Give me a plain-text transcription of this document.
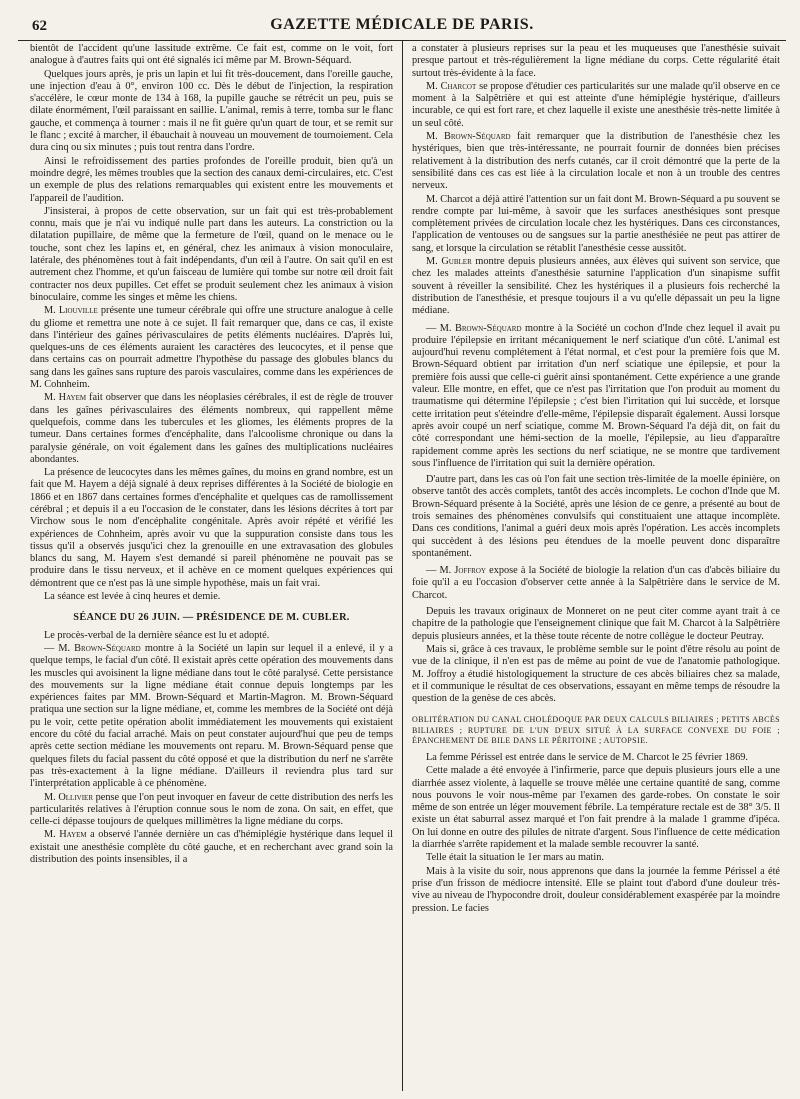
62	GAZETTE MÉDICALE DE PARIS.

bientôt de l'accident qu'une lassitude extrême. Ce fait est, comme on le voit, fort analogue à d'autres faits qui ont été signalés ici même par M. Brown-Séquard.

Quelques jours après, je pris un lapin et lui fit très-doucement, dans l'oreille gauche, une injection d'eau à 0°, environ 100 cc. Dès le début de l'injection, la respiration s'accélère, le cœur monte de 134 à 168, la pupille gauche se rétrécit un peu, puis se dilate énormément, l'œil paraissant en saillie. L'animal, remis à terre, tomba sur le flanc gauche, et commença à tourner : mais il ne fit guère qu'un quart de tour, et se remit sur le flanc ; excité à marcher, il ébauchait à nouveau un mouvement de tournoiement. Cela dura cinq ou six minutes ; puis tout rentra dans l'ordre.

Ainsi le refroidissement des parties profondes de l'oreille produit, bien qu'à un moindre degré, les mêmes troubles que la section des canaux demi-circulaires, etc. C'est un exemple de plus des relations remarquables qui existent entre les mouvements et l'appareil de l'audition.

J'insisterai, à propos de cette observation, sur un fait qui est très-probablement connu, mais que je n'ai vu indiqué nulle part dans les auteurs. La constriction ou la dilatation pupillaire, de même que la fermeture de l'œil, quand on le menace ou le touche, sont chez les lapins et, en général, chez les animaux à vision monoculaire, latérale, des phénomènes tout à fait indépendants, d'un œil à l'autre. On sait qu'il en est autrement chez l'homme, et qu'un faisceau de lumière qui tombe sur notre œil droit fait contracter nos deux pupilles. Cet effet se produit seulement chez les animaux à vision binoculaire, comme les singes et même les chiens.

M. Liouville présente une tumeur cérébrale qui offre une structure analogue à celle du gliome et remettra une note à ce sujet. Il fait remarquer que, dans ce cas, il existe dans l'intérieur des gaînes périvasculaires de petits éléments nucléaires. D'après lui, quelques-uns de ces éléments auraient les caractères des leucocytes, et il pense que dans certains cas on pourrait admettre l'hypothèse du passage des globules blancs du sang dans les gaînes sans rupture des parois vasculaires, comme dans les expériences de M. Cohnheim.

M. Hayem fait observer que dans les néoplasies cérébrales, il est de règle de trouver dans les gaînes périvasculaires des éléments nombreux, qui rappellent même quelquefois, comme dans les tubercules et les gliomes, les éléments propres de la tumeur. Dans certaines formes d'encéphalite, dans l'alcoolisme chronique ou dans la paralysie générale, on voit également dans les gaînes des multiplications nucléaires abondantes.

La présence de leucocytes dans les mêmes gaînes, du moins en grand nombre, est un fait que M. Hayem a déjà signalé à deux reprises différentes à la Société de biologie en 1866 et en 1867 dans certaines formes d'encéphalite et quelques cas de ramollissement cérébral ; et depuis il a eu l'occasion de le constater, dans les lésions décrites à tort par Virchow sous le nom d'encéphalite congénitale. Après avoir répété et vérifié les expériences de Cohnheim, après avoir vu que la suppuration consiste dans tous les tissus qu'il a observés jusqu'ici chez la grenouille en une extravasation des globules blancs du sang, M. Hayem s'est demandé si pareil phénomène ne pouvait pas se produire dans le tissu nerveux, et il achève en ce moment quelques expériences qui démontrent que ce n'est pas là une simple hypothèse, mais un fait vrai.

La séance est levée à cinq heures et demie.

SÉANCE DU 26 JUIN. — PRÉSIDENCE DE M. CUBLER.

Le procès-verbal de la dernière séance est lu et adopté.

— M. Brown-Séquard montre à la Société un lapin sur lequel il a enlevé, il y a quelque temps, le facial d'un côté. Il existait après cette opération des mouvements dans les muscles qui avoisinent la ligne médiane dans tout le côté paralysé. Cette persistance des mouvements sur la ligne médiane était connue depuis longtemps par les expériences faites par MM. Brown-Séquard et Martin-Magron. M. Brown-Séquard pratiqua une section sur la ligne médiane, et, comme les membres de la Société ont déjà pu le voir, cette petite opération abolit immédiatement les mouvements qui existaient encore du côté du facial arraché. Mais on peut constater aujourd'hui que peu de temps après cette section médiane les mouvements ont reparu. M. Brown-Séquard pense que quelques filets du facial passent du côté opposé et que la distribution du nerf ne s'arrête pas très-exactement à la ligne médiane. D'ailleurs il reviendra plus tard sur l'interprétation applicable à ce phénomène.

M. Ollivier pense que l'on peut invoquer en faveur de cette distribution des nerfs les particularités relatives à l'éruption connue sous le nom de zona. On sait, en effet, que celle-ci dépasse toujours de quelques millimètres la ligne médiane du corps.

M. Hayem a observé l'année dernière un cas d'hémiplégie hystérique dans lequel il existait une anesthésie complète du côté gauche, et en recherchant avec grand soin la distribution des points insensibles, il a

a constater à plusieurs reprises sur la peau et les muqueuses que l'anesthésie suivait presque partout et très-régulièrement la ligne médiane du corps. Cette régularité était surtout très-évidente à la face.

M. Charcot se propose d'étudier ces particularités sur une malade qu'il observe en ce moment à la Salpêtrière et qui est atteinte d'une hémiplégie hystérique, d'ailleurs incurable, ce qui est fort rare, et chez laquelle il existe une anesthésie très-nette limitée à un seul côté.

M. Brown-Séquard fait remarquer que la distribution de l'anesthésie chez les hystériques, bien que très-intéressante, ne pourrait fournir de données bien précises relativement à la distribution des nerfs cutanés, car il croit démontré que la perte de la sensibilité dans ces cas est liée à la circulation locale et non à un trouble des centres nerveux.

M. Charcot a déjà attiré l'attention sur un fait dont M. Brown-Séquard a pu souvent se rendre compte par lui-même, à savoir que les surfaces anesthésiques sont presque complètement privées de circulation locale chez les hystériques. Dans ces circonstances, l'application de ventouses ou de sangsues sur la partie anesthésiée ne peut pas attirer de sang, et lorsque la circulation se rétablit l'anesthésie cesse aussitôt.

M. Gubler montre depuis plusieurs années, aux élèves qui suivent son service, que chez les malades atteints d'anesthésie saturnine l'application d'un sinapisme suffit souvent à réveiller la sensibilité. Chez les hystériques il a plusieurs fois recherché la distribution de l'anesthésie, et presque toujours il a vu qu'elle dépassait un peu la ligne médiane.

— M. Brown-Séquard montre à la Société un cochon d'Inde chez lequel il avait pu produire l'épilepsie en irritant mécaniquement le nerf sciatique d'un côté. L'animal est aujourd'hui revenu complétement à l'état normal, et c'est pour la première fois que M. Brown-Séquard obtient par irritation d'un nerf sciatique une épilepsie, et pour la première fois aussi que celle-ci guérit ainsi spontanément. Cette expérience a une grande valeur. Elle montre, en effet, que ce n'est pas l'irritation que l'on produit au moment du traumatisme qui détermine l'épilepsie ; c'est bien l'irritation qui lui succède, et lorsque cette irritation peut s'éteindre d'elle-même, l'épilepsie disparaît également. Aussi lorsque après avoir coupé un nerf sciatique, comme M. Brown-Séquard l'a déjà dit, on fait du côté correspondant une hémi-section de la moelle, l'épilepsie, au lieu d'apparaître rapidement comme après les sections du nerf sciatique, ne se montre que tardivement sous l'influence de l'irritation qui suit la dernière opération.

D'autre part, dans les cas où l'on fait une section très-limitée de la moelle épinière, on observe tantôt des accès complets, tantôt des accès incomplets. Le cochon d'Inde que M. Brown-Séquard présente à la Société, après une lésion de ce genre, a présenté au bout de trois semaines des phénomènes convulsifs qui constituaient une attaque incomplète. Dans ces conditions, l'animal a guéri deux mois après l'opération. Les accès incomplets qui succèdent à des lésions peu étendues de la moelle peuvent donc disparaître spontanément.

— M. Joffroy expose à la Société de biologie la relation d'un cas d'abcès biliaire du foie qu'il a eu l'occasion d'observer cette année à la Salpêtrière dans le service de M. Charcot.

Depuis les travaux originaux de Monneret on ne peut citer comme ayant trait à ce chapitre de la pathologie que l'enseignement clinique que fait M. Charcot à la Salpêtrière depuis plusieurs années, et la thèse toute récente de notre collègue le docteur Peutray.

Mais si, grâce à ces travaux, le problème semble sur le point d'être résolu au point de vue de la clinique, il n'en est pas de même au point de vue de l'anatomie pathologique. M. Joffroy a étudié histologiquement la structure de ces abcès biliaires chez sa malade, et il communique le résultat de ces observations, essayant en même temps de résoudre la question de la genèse de ces abcès.

OBLITÉRATION DU CANAL CHOLÉDOQUE PAR DEUX CALCULS BILIAIRES ; PETITS ABCÈS BILIAIRES ; RUPTURE DE L'UN D'EUX SITUÉ À LA SURFACE CONVEXE DU FOIE ; ÉPANCHEMENT DE BILE DANS LE PÉRITOINE ; AUTOPSIE.

La femme Périssel est entrée dans le service de M. Charcot le 25 février 1869.

Cette malade a été envoyée à l'infirmerie, parce que depuis plusieurs jours elle a une diarrhée assez violente, à laquelle se trouve mêlée une certaine quantité de sang, comme nous pouvons le voir nous-même par l'examen des garde-robes. On constate le soir même de son entrée un léger mouvement fébrile. La température rectale est de 38° 3/5. Il existe un état saburral assez marqué et l'on fait prendre à la malade 1 gramme d'ipéca. On lui donne en outre des pilules de nitrate d'argent. Sous l'influence de cette médication la diarrhée s'arrête rapidement et la malade semble recouvrer la santé.

Telle était la situation le 1er mars au matin.

Mais à la visite du soir, nous apprenons que dans la journée la femme Périssel a été prise d'un frisson de médiocre intensité. Elle se plaint tout d'abord d'une douleur très-vive au niveau de l'hypocondre droit, douleur considérablement exaspérée par la moindre pression. Le facies
